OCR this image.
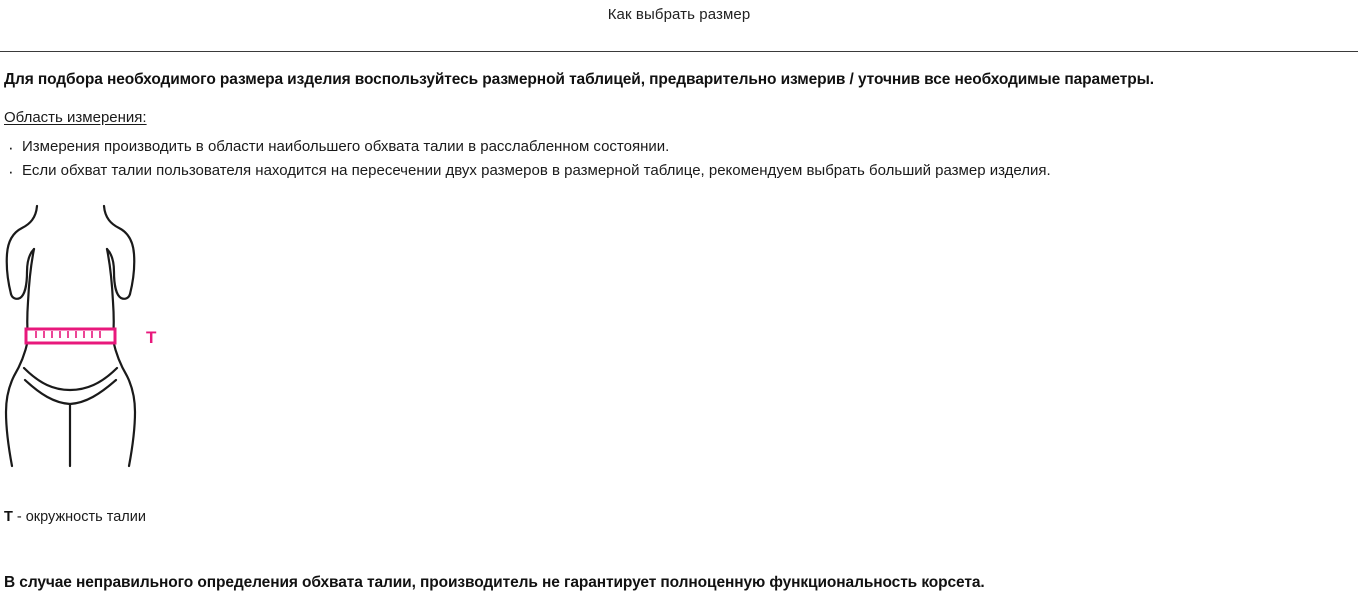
Как выбрать размер

Для подбора необходимого размера изделия воспользуйтесь размерной таблицей, предварительно измерив / уточнив все необходимые параметры.

Область измерения:
· Измерения производить в области наибольшего обхвата талии в расслабленном состоянии.
· Если обхват талии пользователя находится на пересечении двух размеров в размерной таблице, рекомендуем выбрать больший размер изделия.
Т
Т - окружность талии

В случае неправильного определения обхвата талии, производитель не гарантирует полноценную функциональность корсета.
